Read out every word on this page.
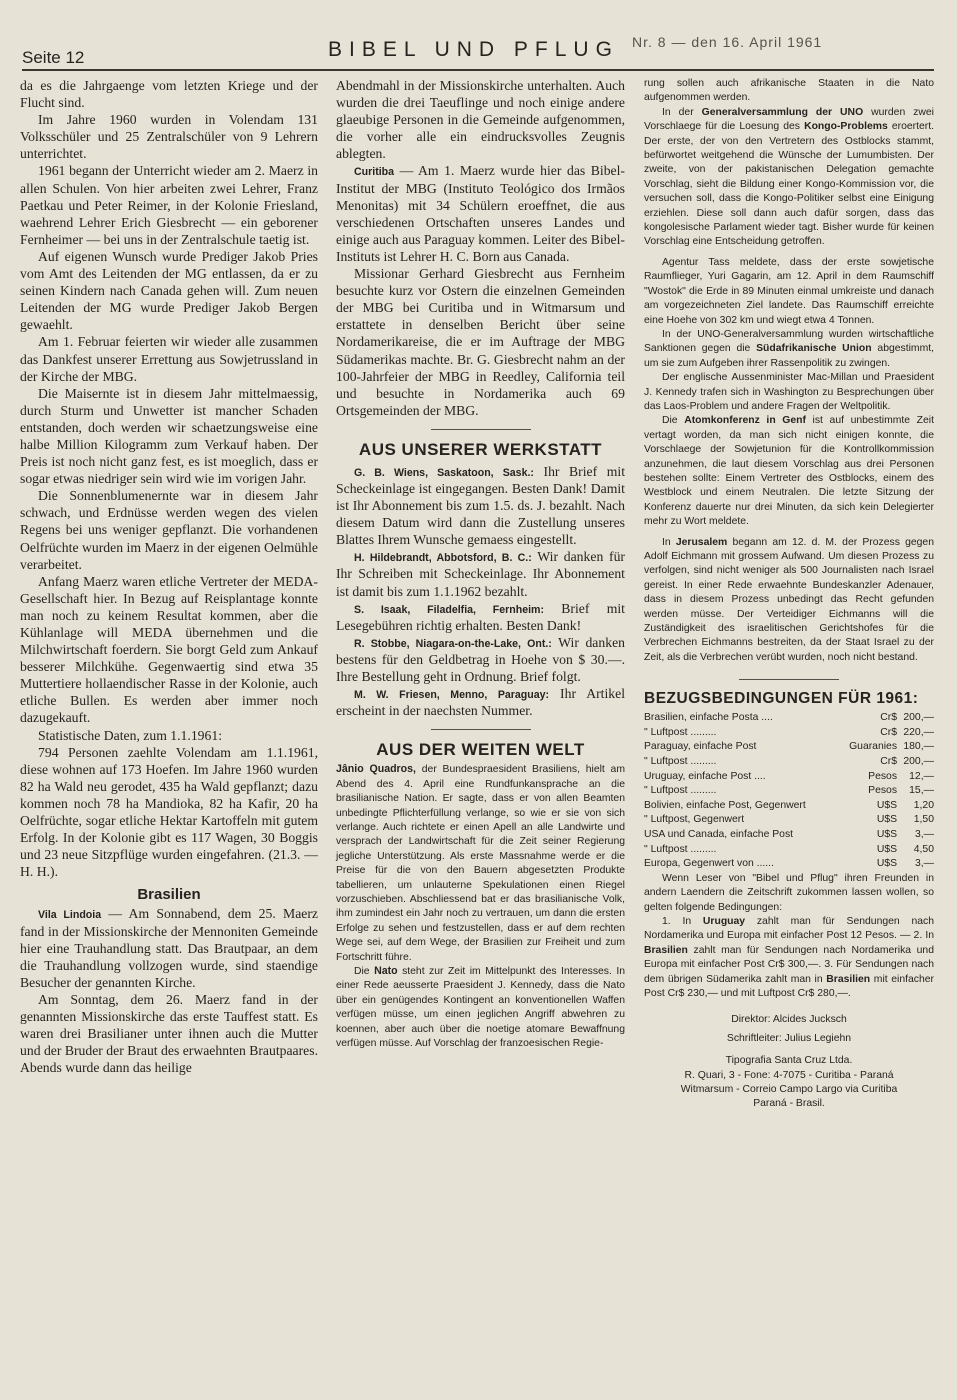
Seite 12	BIBEL UND PFLUG Nr. 8 — den 16. April 1961

da es die Jahrgaenge vom letzten Kriege und der Flucht sind.

Im Jahre 1960 wurden in Volendam 131 Volksschüler und 25 Zentralschüler von 9 Lehrern unterrichtet.

1961 begann der Unterricht wieder am 2. Maerz in allen Schulen. Von hier arbeiten zwei Lehrer, Franz Paetkau und Peter Reimer, in der Kolonie Friesland, waehrend Lehrer Erich Giesbrecht — ein geborener Fernheimer — bei uns in der Zentralschule taetig ist.

Auf eigenen Wunsch wurde Prediger Jakob Pries vom Amt des Leitenden der MG entlassen, da er zu seinen Kindern nach Canada gehen will. Zum neuen Leitenden der MG wurde Prediger Jakob Bergen gewaehlt.

Am 1. Februar feierten wir wieder alle zusammen das Dankfest unserer Errettung aus Sowjetrussland in der Kirche der MBG.

Die Maisernte ist in diesem Jahr mittelmaessig, durch Sturm und Unwetter ist mancher Schaden entstanden, doch werden wir schaetzungsweise eine halbe Million Kilogramm zum Verkauf haben. Der Preis ist noch nicht ganz fest, es ist moeglich, dass er sogar etwas niedriger sein wird wie im vorigen Jahr.

Die Sonnenblumenernte war in diesem Jahr schwach, und Erdnüsse werden wegen des vielen Regens bei uns weniger gepflanzt. Die vorhandenen Oelfrüchte wurden im Maerz in der eigenen Oelmühle verarbeitet.

Anfang Maerz waren etliche Vertreter der MEDA-Gesellschaft hier. In Bezug auf Reisplantage konnte man noch zu keinem Resultat kommen, aber die Kühlanlage will MEDA übernehmen und die Milchwirtschaft foerdern. Sie borgt Geld zum Ankauf besserer Milchkühe. Gegenwaertig sind etwa 35 Muttertiere hollaendischer Rasse in der Kolonie, auch etliche Bullen. Es werden aber immer noch dazugekauft.

Statistische Daten, zum 1.1.1961:

794 Personen zaehlte Volendam am 1.1.1961, diese wohnen auf 173 Hoefen. Im Jahre 1960 wurden 82 ha Wald neu gerodet, 435 ha Wald gepflanzt; dazu kommen noch 78 ha Mandioka, 82 ha Kafir, 20 ha Oelfrüchte, sogar etliche Hektar Kartoffeln mit gutem Erfolg. In der Kolonie gibt es 117 Wagen, 30 Boggis und 23 neue Sitzpflüge wurden eingefahren. (21.3. — H. H.).

Brasilien

Vila Lindoia — Am Sonnabend, dem 25. Maerz fand in der Missionskirche der Mennoniten Gemeinde hier eine Trauhandlung statt. Das Brautpaar, an dem die Trauhandlung vollzogen wurde, sind staendige Besucher der genannten Kirche.

Am Sonntag, dem 26. Maerz fand in der genannten Missionskirche das erste Tauffest statt. Es waren drei Brasilianer unter ihnen auch die Mutter und der Bruder der Braut des erwaehnten Brautpaares. Abends wurde dann das heilige

Abendmahl in der Missionskirche unterhalten. Auch wurden die drei Taeuflinge und noch einige andere glaeubige Personen in die Gemeinde aufgenommen, die vorher alle ein eindrucksvolles Zeugnis ablegten.

Curitiba — Am 1. Maerz wurde hier das Bibel-Institut der MBG (Instituto Teológico dos Irmãos Menonitas) mit 34 Schülern eroeffnet, die aus verschiedenen Ortschaften unseres Landes und einige auch aus Paraguay kommen. Leiter des Bibel-Instituts ist Lehrer H. C. Born aus Canada.

Missionar Gerhard Giesbrecht aus Fernheim besuchte kurz vor Ostern die einzelnen Gemeinden der MBG bei Curitiba und in Witmarsum und erstattete in denselben Bericht über seine Nordamerikareise, die er im Auftrage der MBG Südamerikas machte. Br. G. Giesbrecht nahm an der 100-Jahrfeier der MBG in Reedley, California teil und besuchte in Nordamerika auch 69 Ortsgemeinden der MBG.

AUS UNSERER WERKSTATT

G. B. Wiens, Saskatoon, Sask.: Ihr Brief mit Scheckeinlage ist eingegangen. Besten Dank! Damit ist Ihr Abonnement bis zum 1.5. ds. J. bezahlt. Nach diesem Datum wird dann die Zustellung unseres Blattes Ihrem Wunsche gemaess eingestellt.

H. Hildebrandt, Abbotsford, B. C.: Wir danken für Ihr Schreiben mit Scheckeinlage. Ihr Abonnement ist damit bis zum 1.1.1962 bezahlt.

S. Isaak, Filadelfia, Fernheim: Brief mit Lesegebühren richtig erhalten. Besten Dank!

R. Stobbe, Niagara-on-the-Lake, Ont.: Wir danken bestens für den Geldbetrag in Hoehe von $ 30.—. Ihre Bestellung geht in Ordnung. Brief folgt.

M. W. Friesen, Menno, Paraguay: Ihr Artikel erscheint in der naechsten Nummer.

AUS DER WEITEN WELT

Jânio Quadros, der Bundespraesident Brasiliens, hielt am Abend des 4. April eine Rundfunkansprache an die brasilianische Nation. Er sagte, dass er von allen Beamten unbedingte Pflichterfüllung verlange, so wie er sie von sich verlange. Auch richtete er einen Apell an alle Landwirte und versprach der Landwirtschaft für die Zeit seiner Regierung jegliche Unterstützung. Als erste Massnahme werde er die Preise für die von den Bauern abgesetzten Produkte tabellieren, um unlauterne Spekulationen einen Riegel vorzuschieben. Abschliessend bat er das brasilianische Volk, ihm zumindest ein Jahr noch zu vertrauen, um dann die ersten Erfolge zu sehen und festzustellen, dass er auf dem rechten Wege sei, auf dem Wege, der Brasilien zur Freiheit und zum Fortschritt führe.

Die Nato steht zur Zeit im Mittelpunkt des Interesses. In einer Rede aeusserte Praesident J. Kennedy, dass die Nato über ein genügendes Kontingent an konventionellen Waffen verfügen müsse, um einen jeglichen Angriff abwehren zu koennen, aber auch über die noetige atomare Bewaffnung verfügen müsse. Auf Vorschlag der franzoesischen Regie-

rung sollen auch afrikanische Staaten in die Nato aufgenommen werden.

In der Generalversammlung der UNO wurden zwei Vorschlaege für die Loesung des Kongo-Problems eroertert. Der erste, der von den Vertretern des Ostblocks stammt, befürwortet weitgehend die Wünsche der Lumumbisten. Der zweite, von der pakistanischen Delegation gemachte Vorschlag, sieht die Bildung einer Kongo-Kommission vor, die versuchen soll, dass die Kongo-Politiker selbst eine Einigung erziehlen. Diese soll dann auch dafür sorgen, dass das kongolesische Parlament wieder tagt. Bisher wurde für keinen Vorschlag eine Entscheidung getroffen.

Agentur Tass meldete, dass der erste sowjetische Raumflieger, Yuri Gagarin, am 12. April in dem Raumschiff "Wostok" die Erde in 89 Minuten einmal umkreiste und danach am vorgezeichneten Ziel landete. Das Raumschiff erreichte eine Hoehe von 302 km und wiegt etwa 4 Tonnen.

In der UNO-Generalversammlung wurden wirtschaftliche Sanktionen gegen die Südafrikanische Union abgestimmt, um sie zum Aufgeben ihrer Rassenpolitik zu zwingen.

Der englische Aussenminister Mac-Millan und Praesident J. Kennedy trafen sich in Washington zu Besprechungen über das Laos-Problem und andere Fragen der Weltpolitik.

Die Atomkonferenz in Genf ist auf unbestimmte Zeit vertagt worden, da man sich nicht einigen konnte, die Vorschlaege der Sowjetunion für die Kontrollkommission anzunehmen, die laut diesem Vorschlag aus drei Personen bestehen sollte: Einem Vertreter des Ostblocks, einem des Westblock und einem Neutralen. Die letzte Sitzung der Konferenz dauerte nur drei Minuten, da sich kein Delegierter mehr zu Wort meldete.

In Jerusalem begann am 12. d. M. der Prozess gegen Adolf Eichmann mit grossem Aufwand. Um diesen Prozess zu verfolgen, sind nicht weniger als 500 Journalisten nach Israel gereist. In einer Rede erwaehnte Bundeskanzler Adenauer, dass in diesem Prozess unbedingt das Recht gefunden werden müsse. Der Verteidiger Eichmanns will die Zuständigkeit des israelitischen Gerichtshofes für die Verbrechen Eichmanns bestreiten, da der Staat Israel zu der Zeit, als die Verbrechen verübt wurden, noch nicht bestand.

BEZUGSBEDINGUNGEN FÜR 1961:
Brasilien, einfache Posta ....	Cr$	200,—
" Luftpost .........	Cr$	220,—
Paraguay, einfache Post	Guaranies	180,—
" Luftpost .........	Cr$	200,—
Uruguay, einfache Post ....	Pesos	12,—
" Luftpost .........	Pesos	15,—
Bolivien, einfache Post, Gegenwert	U$S	1,20
" Luftpost, Gegenwert	U$S	1,50
USA und Canada, einfache Post	U$S	3,—
" Luftpost .........	U$S	4,50
Europa, Gegenwert von ......	U$S	3,—

Wenn Leser von "Bibel und Pflug" ihren Freunden in andern Laendern die Zeitschrift zukommen lassen wollen, so gelten folgende Bedingungen:

1. In Uruguay zahlt man für Sendungen nach Nordamerika und Europa mit einfacher Post 12 Pesos. — 2. In Brasilien zahlt man für Sendungen nach Nordamerika und Europa mit einfacher Post Cr$ 300,—. 3. Für Sendungen nach dem übrigen Südamerika zahlt man in Brasilien mit einfacher Post Cr$ 230,— und mit Luftpost Cr$ 280,—.

Direktor: Alcides Jucksch

Schriftleiter: Julius Legiehn

Tipografia Santa Cruz Ltda.

R. Quari, 3 - Fone: 4-7075 - Curitiba - Paraná

Witmarsum - Correio Campo Largo via Curitiba

Paraná - Brasil.
